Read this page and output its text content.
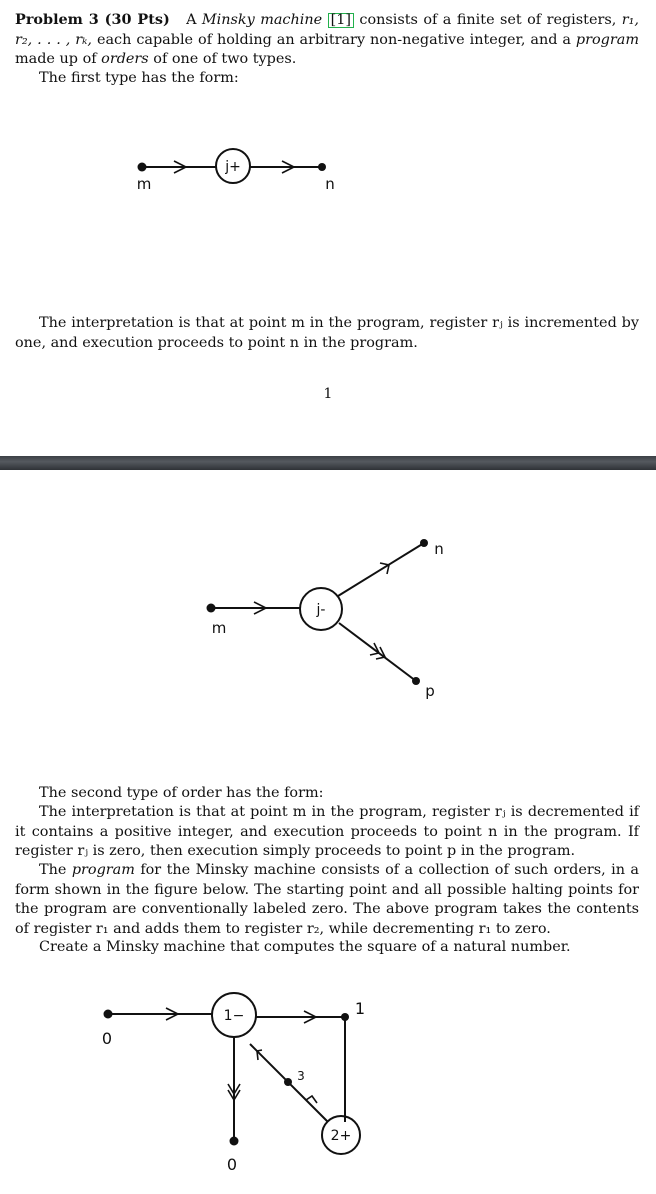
Problem 3 (30 Pts) A Minsky machine [1] consists of a finite set of registers, r₁, r₂, . . . , rₖ, each capable of holding an arbitrary non-negative integer, and a program made up of orders of one of two types.
The first type has the form:
m
j+
n
The interpretation is that at point m in the program, register rⱼ is incremented by one, and execution proceeds to point n in the program.
1
m
j-
n
p
The second type of order has the form:
The interpretation is that at point m in the program, register rⱼ is decremented if it contains a positive integer, and execution proceeds to point n in the program. If register rⱼ is zero, then execution simply proceeds to point p in the program.
The program for the Minsky machine consists of a collection of such orders, in a form shown in the figure below. The starting point and all possible halting points for the program are conventionally labeled zero. The above program takes the contents of register r₁ and adds them to register r₂, while decrementing r₁ to zero.
Create a Minsky machine that computes the square of a natural number.
0
1−	1
3
2+
0
